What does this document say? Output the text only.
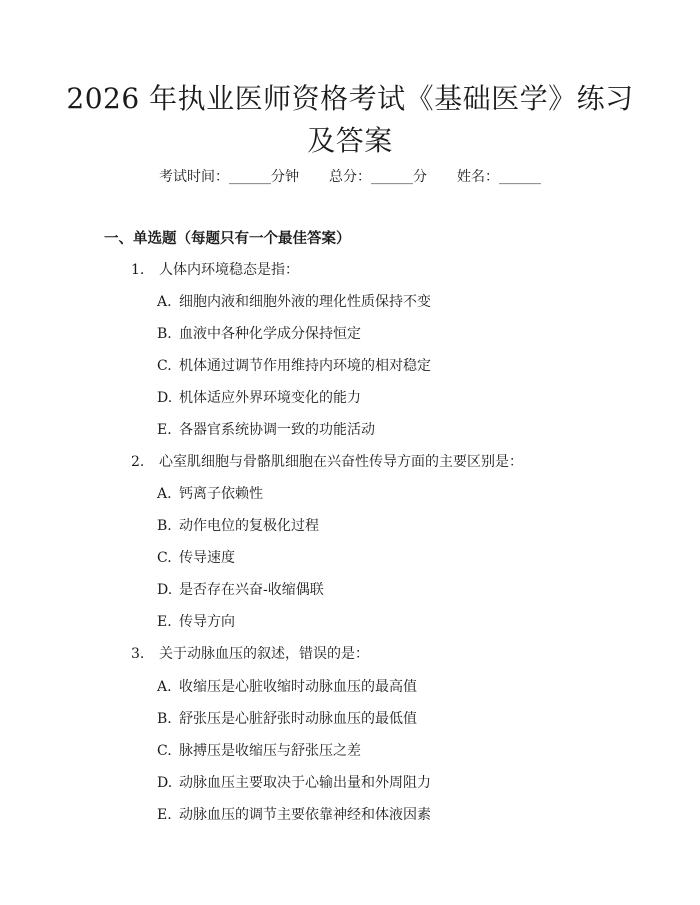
2026 年执业医师资格考试《基础医学》练习
及答案
考试时间：______分钟 总分：______分 姓名：______
一、单选题（每题只有一个最佳答案）
1. 人体内环境稳态是指：
A. 细胞内液和细胞外液的理化性质保持不变
B. 血液中各种化学成分保持恒定
C. 机体通过调节作用维持内环境的相对稳定
D. 机体适应外界环境变化的能力
E. 各器官系统协调一致的功能活动
2. 心室肌细胞与骨骼肌细胞在兴奋性传导方面的主要区别是：
A. 钙离子依赖性
B. 动作电位的复极化过程
C. 传导速度
D. 是否存在兴奋-收缩偶联
E. 传导方向
3. 关于动脉血压的叙述，错误的是：
A. 收缩压是心脏收缩时动脉血压的最高值
B. 舒张压是心脏舒张时动脉血压的最低值
C. 脉搏压是收缩压与舒张压之差
D. 动脉血压主要取决于心输出量和外周阻力
E. 动脉血压的调节主要依靠神经和体液因素
